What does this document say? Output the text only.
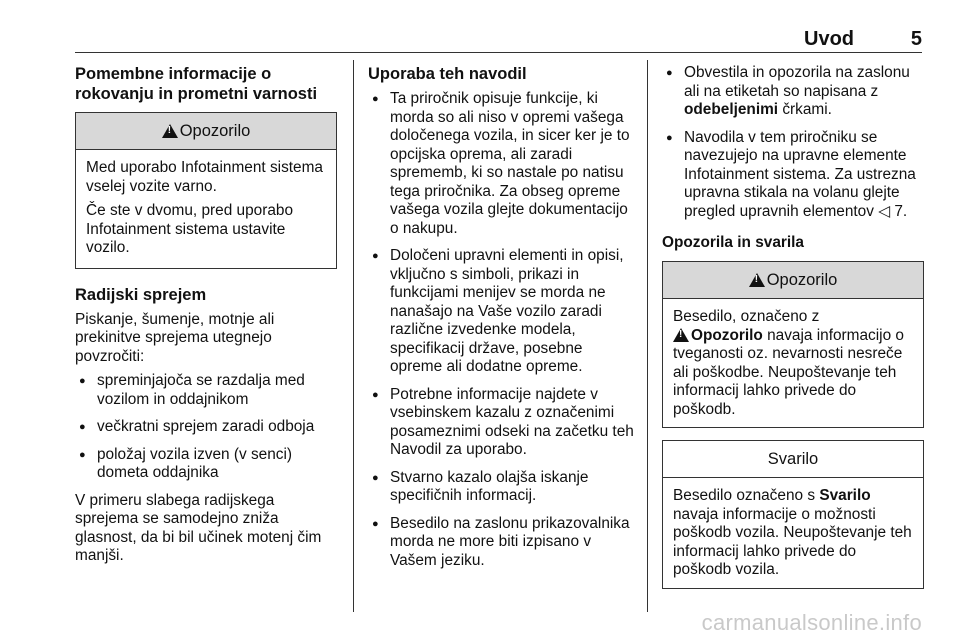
Uvod	5
Pomembne informacije o rokovanju in prometni varnosti
!
Opozorilo

Med uporabo Infotainment sistema vselej vozite varno.

Če ste v dvomu, pred uporabo Infotainment sistema ustavite vozilo.

Radijski sprejem

Piskanje, šumenje, motnje ali prekinitve sprejema utegnejo povzročiti:

● spreminjajoča se razdalja med vozilom in oddajnikom
● večkratni sprejem zaradi odboja
● položaj vozila izven (v senci) dometa oddajnika

V primeru slabega radijskega sprejema se samodejno zniža glasnost, da bi bil učinek motenj čim manjši.

Uporaba teh navodil
● Ta priročnik opisuje funkcije, ki morda so ali niso v opremi vašega določenega vozila, in sicer ker je to opcijska oprema, ali zaradi sprememb, ki so nastale po natisu tega priročnika. Za obseg opreme vašega vozila glejte dokumentacijo o nakupu.
● Določeni upravni elementi in opisi, vključno s simboli, prikazi in funkcijami menijev se morda ne nanašajo na Vaše vozilo zaradi različne izvedenke modela, specifikacij države, posebne opreme ali dodatne opreme.
● Potrebne informacije najdete v vsebinskem kazalu z označenimi posameznimi odseki na začetku teh Navodil za uporabo.
● Stvarno kazalo olajša iskanje specifičnih informacij.
● Besedilo na zaslonu prikazovalnika morda ne more biti izpisano v Vašem jeziku.
● Obvestila in opozorila na zaslonu ali na etiketah so napisana z odebeljenimi črkami.
● Navodila v tem priročniku se navezujejo na upravne elemente Infotainment sistema. Za ustrezna upravna stikala na volanu glejte pregled upravnih elementov ◁ 7.
Opozorila in svarila
!
Opozorilo

Besedilo, označeno z
!Opozorilo navaja informacijo o tveganosti oz. nevarnosti nesreče ali poškodbe. Neupoštevanje teh informacij lahko privede do poškodb.

Svarilo

Besedilo označeno s Svarilo navaja informacije o možnosti poškodb vozila. Neupoštevanje teh informacij lahko privede do poškodb vozila.

carmanualsonline.info
